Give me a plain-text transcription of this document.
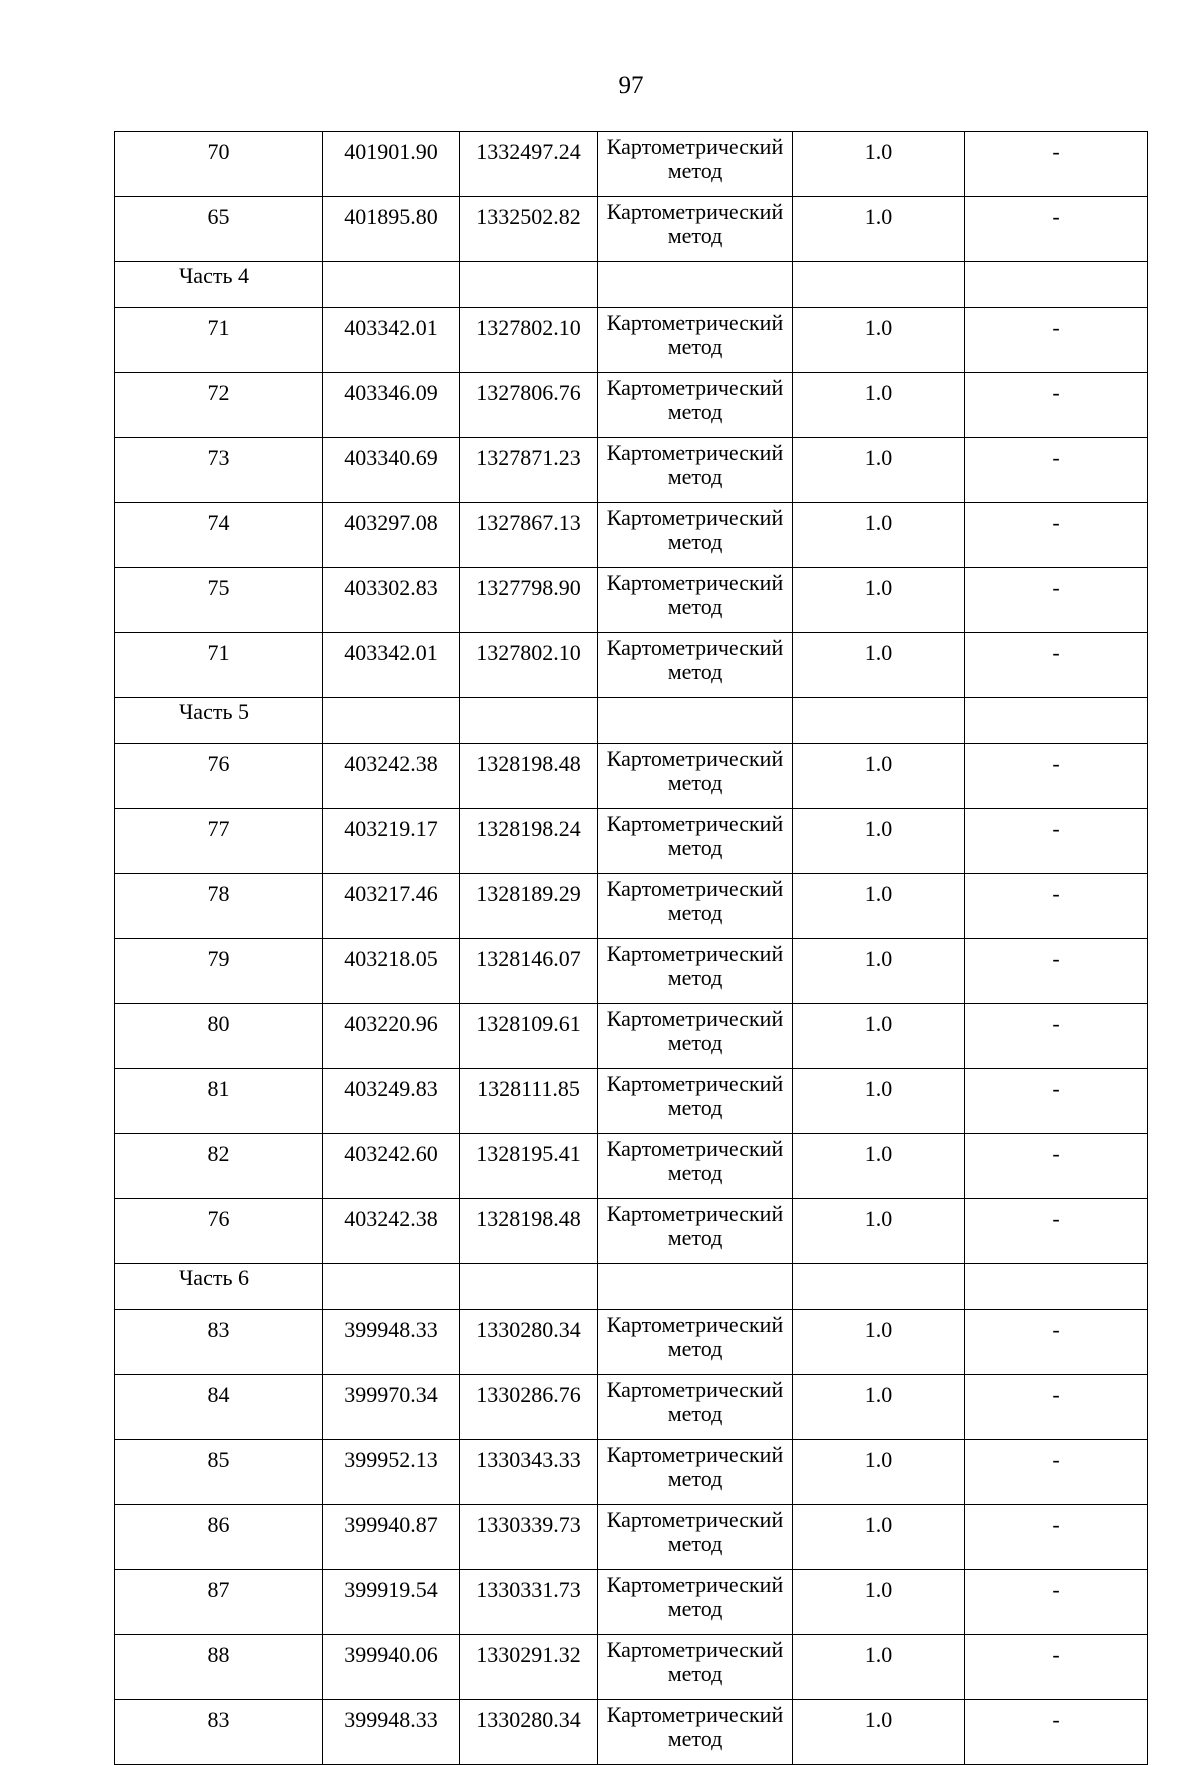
97
70	401901.90	1332497.24	Картометрический метод	1.0	-
65	401895.80	1332502.82	Картометрический метод	1.0	-
Часть 4					
71	403342.01	1327802.10	Картометрический метод	1.0	-
72	403346.09	1327806.76	Картометрический метод	1.0	-
73	403340.69	1327871.23	Картометрический метод	1.0	-
74	403297.08	1327867.13	Картометрический метод	1.0	-
75	403302.83	1327798.90	Картометрический метод	1.0	-
71	403342.01	1327802.10	Картометрический метод	1.0	-
Часть 5					
76	403242.38	1328198.48	Картометрический метод	1.0	-
77	403219.17	1328198.24	Картометрический метод	1.0	-
78	403217.46	1328189.29	Картометрический метод	1.0	-
79	403218.05	1328146.07	Картометрический метод	1.0	-
80	403220.96	1328109.61	Картометрический метод	1.0	-
81	403249.83	1328111.85	Картометрический метод	1.0	-
82	403242.60	1328195.41	Картометрический метод	1.0	-
76	403242.38	1328198.48	Картометрический метод	1.0	-
Часть 6					
83	399948.33	1330280.34	Картометрический метод	1.0	-
84	399970.34	1330286.76	Картометрический метод	1.0	-
85	399952.13	1330343.33	Картометрический метод	1.0	-
86	399940.87	1330339.73	Картометрический метод	1.0	-
87	399919.54	1330331.73	Картометрический метод	1.0	-
88	399940.06	1330291.32	Картометрический метод	1.0	-
83	399948.33	1330280.34	Картометрический метод	1.0	-
